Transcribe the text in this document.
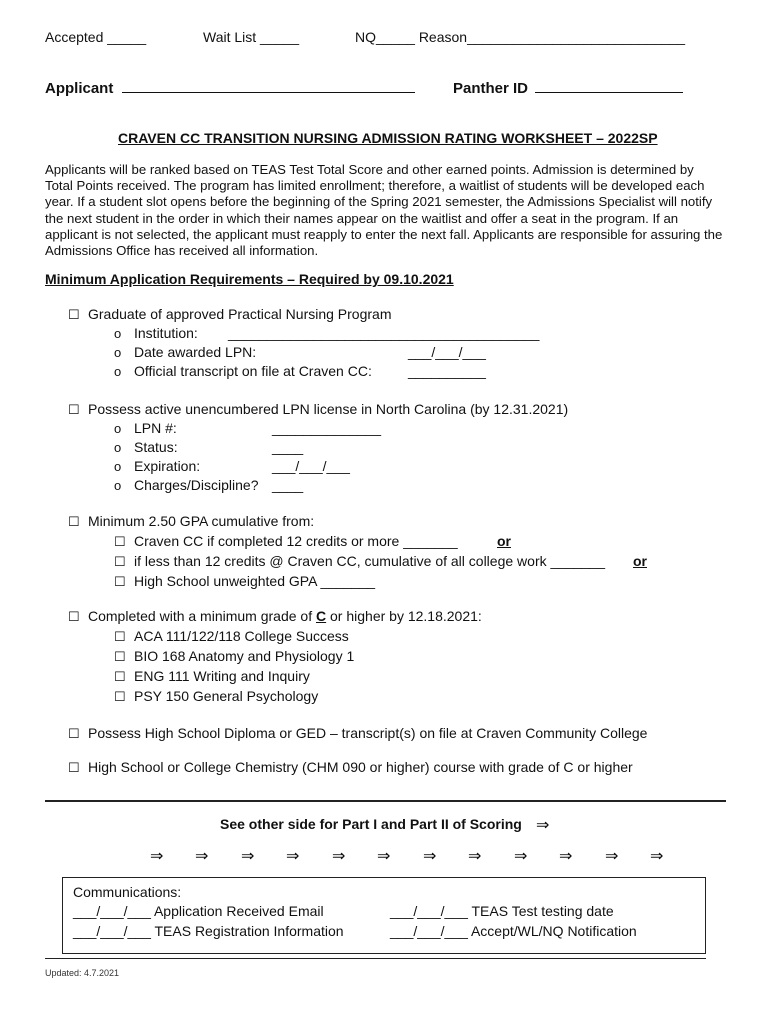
Accepted _____	Wait List _____	NQ_____ Reason____________________________
Applicant	Panther ID
CRAVEN CC TRANSITION NURSING ADMISSION RATING WORKSHEET – 2022SP
Applicants will be ranked based on TEAS Test Total Score and other earned points. Admission is determined by
Total Points received. The program has limited enrollment; therefore, a waitlist of students will be developed each
year. If a student slot opens before the beginning of the Spring 2021 semester, the Admissions Specialist will notify
the next student in the order in which their names appear on the waitlist and offer a seat in the program. If an
applicant is not selected, the applicant must reapply to enter the next fall. Applicants are responsible for assuring the
Admissions Office has received all information.
Minimum Application Requirements – Required by 09.10.2021
☐ Graduate of approved Practical Nursing Program
o Institution: ________________________________________
o Date awarded LPN:	___/___/___
o Official transcript on file at Craven CC:	__________
☐ Possess active unencumbered LPN license in North Carolina (by 12.31.2021)
o LPN #:	______________
o Status:	____
o Expiration:	___/___/___
o Charges/Discipline? ____
☐ Minimum 2.50 GPA cumulative from:
☐ Craven CC if completed 12 credits or more _______	or
☐ if less than 12 credits @ Craven CC, cumulative of all college work _______ or
☐ High School unweighted GPA _______
☐ Completed with a minimum grade of C or higher by 12.18.2021:
☐ ACA 111/122/118 College Success
☐ BIO 168 Anatomy and Physiology 1
☐ ENG 111 Writing and Inquiry
☐ PSY 150 General Psychology
☐ Possess High School Diploma or GED – transcript(s) on file at Craven Community College
☐ High School or College Chemistry (CHM 090 or higher) course with grade of C or higher
See other side for Part I and Part II of Scoring ⇒
⇒ ⇒ ⇒ ⇒ ⇒ ⇒ ⇒ ⇒ ⇒ ⇒ ⇒ ⇒
Communications:
___/___/___ Application Received Email	___/___/___ TEAS Test testing date
___/___/___ TEAS Registration Information	___/___/___ Accept/WL/NQ Notification
Updated: 4.7.2021
